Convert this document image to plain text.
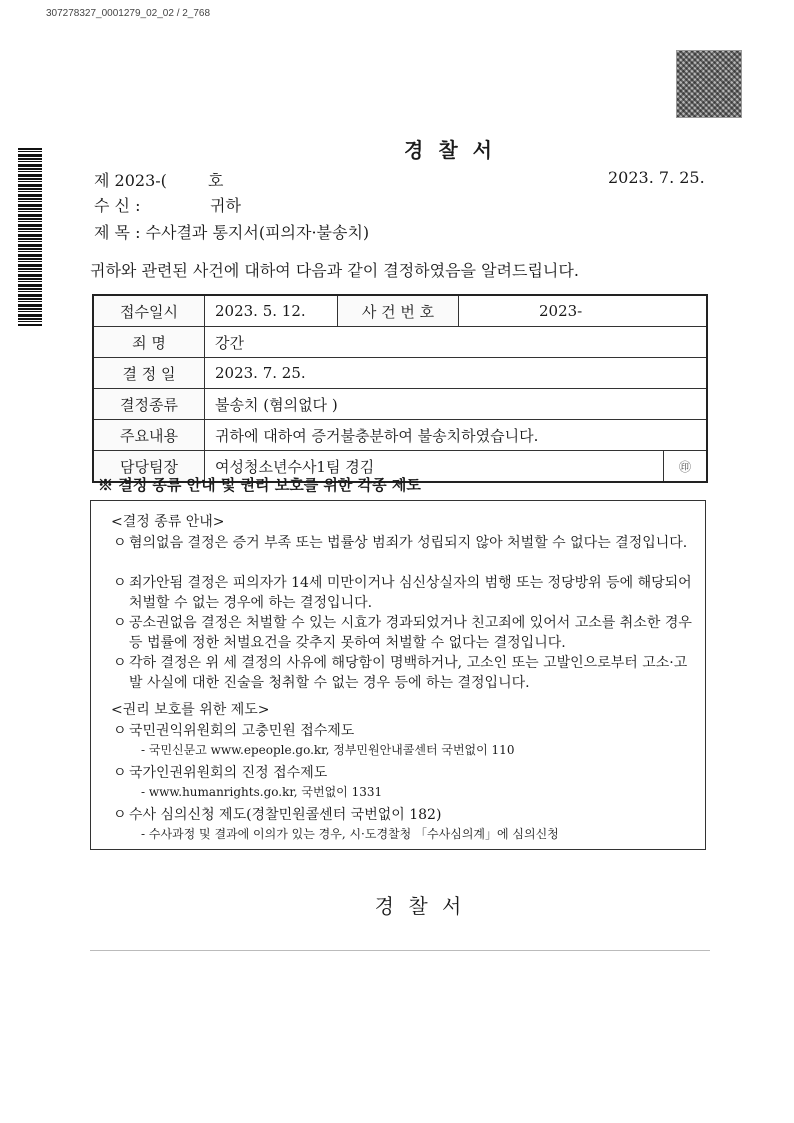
307278327_0001279_02_02 / 2_768
경 찰 서
제 2023-(	호	2023. 7. 25.
수 신 :	귀하
제 목 : 수사결과 통지서(피의자·불송치)
귀하와 관련된 사건에 대하여 다음과 같이 결정하였음을 알려드립니다.
접수일시	2023. 5. 12.	사 건 번 호	2023-	
죄 명	강간			
결 정 일	2023. 7. 25.			
결정종류	불송치 (혐의없다 )			
주요내용	귀하에 대하여 증거불충분하여 불송치하였습니다.			
담당팀장	여성청소년수사1팀 경김			㊞
※ 결정 종류 안내 및 권리 보호를 위한 각종 제도
<결정 종류 안내>
ㅇ 혐의없음 결정은 증거 부족 또는 법률상 범죄가 성립되지 않아 처벌할 수 없다는 결정입니다.
ㅇ 죄가안됨 결정은 피의자가 14세 미만이거나 심신상실자의 범행 또는 정당방위 등에 해당되어 처벌할 수 없는 경우에 하는 결정입니다.
ㅇ 공소권없음 결정은 처벌할 수 있는 시효가 경과되었거나 친고죄에 있어서 고소를 취소한 경우 등 법률에 정한 처벌요건을 갖추지 못하여 처벌할 수 없다는 결정입니다.
ㅇ 각하 결정은 위 세 결정의 사유에 해당함이 명백하거나, 고소인 또는 고발인으로부터 고소·고발 사실에 대한 진술을 청취할 수 없는 경우 등에 하는 결정입니다.
<권리 보호를 위한 제도>
ㅇ 국민권익위원회의 고충민원 접수제도
- 국민신문고 www.epeople.go.kr, 정부민원안내콜센터 국번없이 110
ㅇ 국가인권위원회의 진정 접수제도
- www.humanrights.go.kr, 국번없이 1331
ㅇ 수사 심의신청 제도(경찰민원콜센터 국번없이 182)
- 수사과정 및 결과에 이의가 있는 경우, 시·도경찰청 「수사심의계」에 심의신청
경 찰 서
